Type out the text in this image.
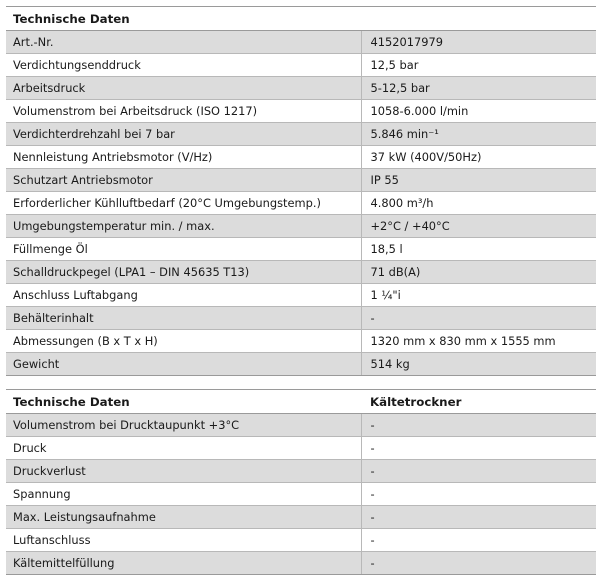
Technische Daten	
Art.-Nr.	4152017979
Verdichtungsenddruck	12,5 bar
Arbeitsdruck	5-12,5 bar
Volumenstrom bei Arbeitsdruck (ISO 1217)	1058-6.000 l/min
Verdichterdrehzahl bei 7 bar	5.846 min⁻¹
Nennleistung Antriebsmotor (V/Hz)	37 kW (400V/50Hz)
Schutzart Antriebsmotor	IP 55
Erforderlicher Kühlluftbedarf (20°C Umgebungstemp.)	4.800 m³/h
Umgebungstemperatur min. / max.	+2°C / +40°C
Füllmenge Öl	18,5 l
Schalldruckpegel (LPA1 – DIN 45635 T13)	71 dB(A)
Anschluss Luftabgang	1 ¼"i
Behälterinhalt	-
Abmessungen (B x T x H)	1320 mm x 830 mm x 1555 mm
Gewicht	514 kg
Technische Daten	Kältetrockner
Volumenstrom bei Drucktaupunkt +3°C	-
Druck	-
Druckverlust	-
Spannung	-
Max. Leistungsaufnahme	-
Luftanschluss	-
Kältemittelfüllung	-
